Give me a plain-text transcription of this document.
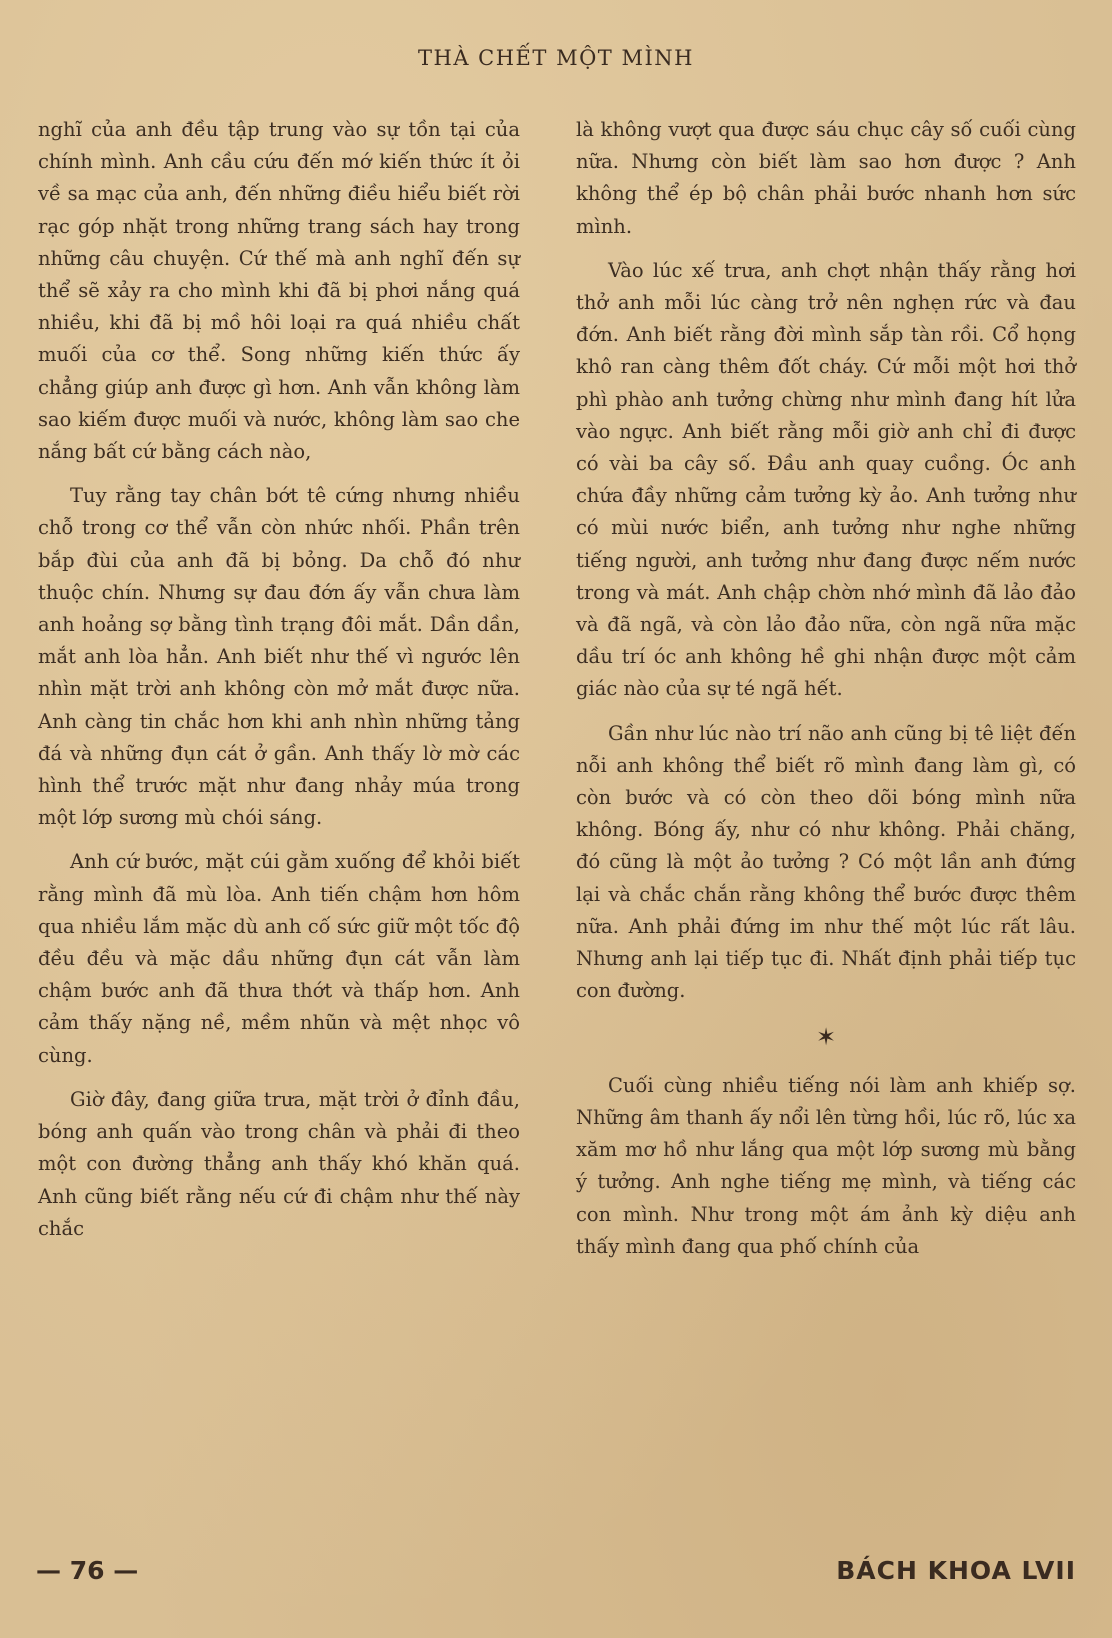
THÀ CHẾT MỘT MÌNH

nghĩ của anh đều tập trung vào sự tồn tại của chính mình. Anh cầu cứu đến mớ kiến thức ít ỏi về sa mạc của anh, đến những điều hiểu biết rời rạc góp nhặt trong những trang sách hay trong những câu chuyện. Cứ thế mà anh nghĩ đến sự thể sẽ xảy ra cho mình khi đã bị phơi nắng quá nhiều, khi đã bị mồ hôi loại ra quá nhiều chất muối của cơ thể. Song những kiến thức ấy chẳng giúp anh được gì hơn. Anh vẫn không làm sao kiếm được muối và nước, không làm sao che nắng bất cứ bằng cách nào,

Tuy rằng tay chân bớt tê cứng nhưng nhiều chỗ trong cơ thể vẫn còn nhức nhối. Phần trên bắp đùi của anh đã bị bỏng. Da chỗ đó như thuộc chín. Nhưng sự đau đớn ấy vẫn chưa làm anh hoảng sợ bằng tình trạng đôi mắt. Dần dần, mắt anh lòa hẳn. Anh biết như thế vì ngước lên nhìn mặt trời anh không còn mở mắt được nữa. Anh càng tin chắc hơn khi anh nhìn những tảng đá và những đụn cát ở gần. Anh thấy lờ mờ các hình thể trước mặt như đang nhảy múa trong một lớp sương mù chói sáng.

Anh cứ bước, mặt cúi gằm xuống để khỏi biết rằng mình đã mù lòa. Anh tiến chậm hơn hôm qua nhiều lắm mặc dù anh cố sức giữ một tốc độ đều đều và mặc dầu những đụn cát vẫn làm chậm bước anh đã thưa thớt và thấp hơn. Anh cảm thấy nặng nề, mềm nhũn và mệt nhọc vô cùng.

Giờ đây, đang giữa trưa, mặt trời ở đỉnh đầu, bóng anh quấn vào trong chân và phải đi theo một con đường thẳng anh thấy khó khăn quá. Anh cũng biết rằng nếu cứ đi chậm như thế này chắc

là không vượt qua được sáu chục cây số cuối cùng nữa. Nhưng còn biết làm sao hơn được ? Anh không thể ép bộ chân phải bước nhanh hơn sức mình.

Vào lúc xế trưa, anh chợt nhận thấy rằng hơi thở anh mỗi lúc càng trở nên nghẹn rức và đau đớn. Anh biết rằng đời mình sắp tàn rồi. Cổ họng khô ran càng thêm đốt cháy. Cứ mỗi một hơi thở phì phào anh tưởng chừng như mình đang hít lửa vào ngực. Anh biết rằng mỗi giờ anh chỉ đi được có vài ba cây số. Đầu anh quay cuồng. Óc anh chứa đầy những cảm tưởng kỳ ảo. Anh tưởng như có mùi nước biển, anh tưởng như nghe những tiếng người, anh tưởng như đang được nếm nước trong và mát. Anh chập chờn nhớ mình đã lảo đảo và đã ngã, và còn lảo đảo nữa, còn ngã nữa mặc dầu trí óc anh không hề ghi nhận được một cảm giác nào của sự té ngã hết.

Gần như lúc nào trí não anh cũng bị tê liệt đến nỗi anh không thể biết rõ mình đang làm gì, có còn bước và có còn theo dõi bóng mình nữa không. Bóng ấy, như có như không. Phải chăng, đó cũng là một ảo tưởng ? Có một lần anh đứng lại và chắc chắn rằng không thể bước được thêm nữa. Anh phải đứng im như thế một lúc rất lâu. Nhưng anh lại tiếp tục đi. Nhất định phải tiếp tục con đường.

✶

Cuối cùng nhiều tiếng nói làm anh khiếp sợ. Những âm thanh ấy nổi lên từng hồi, lúc rõ, lúc xa xăm mơ hồ như lắng qua một lớp sương mù bằng ý tưởng. Anh nghe tiếng mẹ mình, và tiếng các con mình. Như trong một ám ảnh kỳ diệu anh thấy mình đang qua phố chính của

— 76 —	BÁCH KHOA LVII
